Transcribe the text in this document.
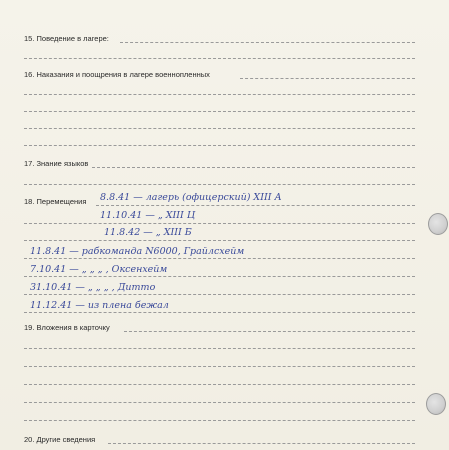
15. Поведение в лагере:
16. Наказания и поощрения в лагере военнопленных
17. Знание языков
18. Перемещения 8.8.41 — лагерь (офицерский) XIII А
11.10.41 — „ XIII Ц
11.8.42 — „ XIII Б
11.8.41 — рабкоманда N6000, Грайлсхейм
7.10.41 — „ „ „ , Оксенхейм
31.10.41 — „ „ „ , Дитто
11.12.41 — из плена бежал
19. Вложения в карточку
20. Другие сведения
